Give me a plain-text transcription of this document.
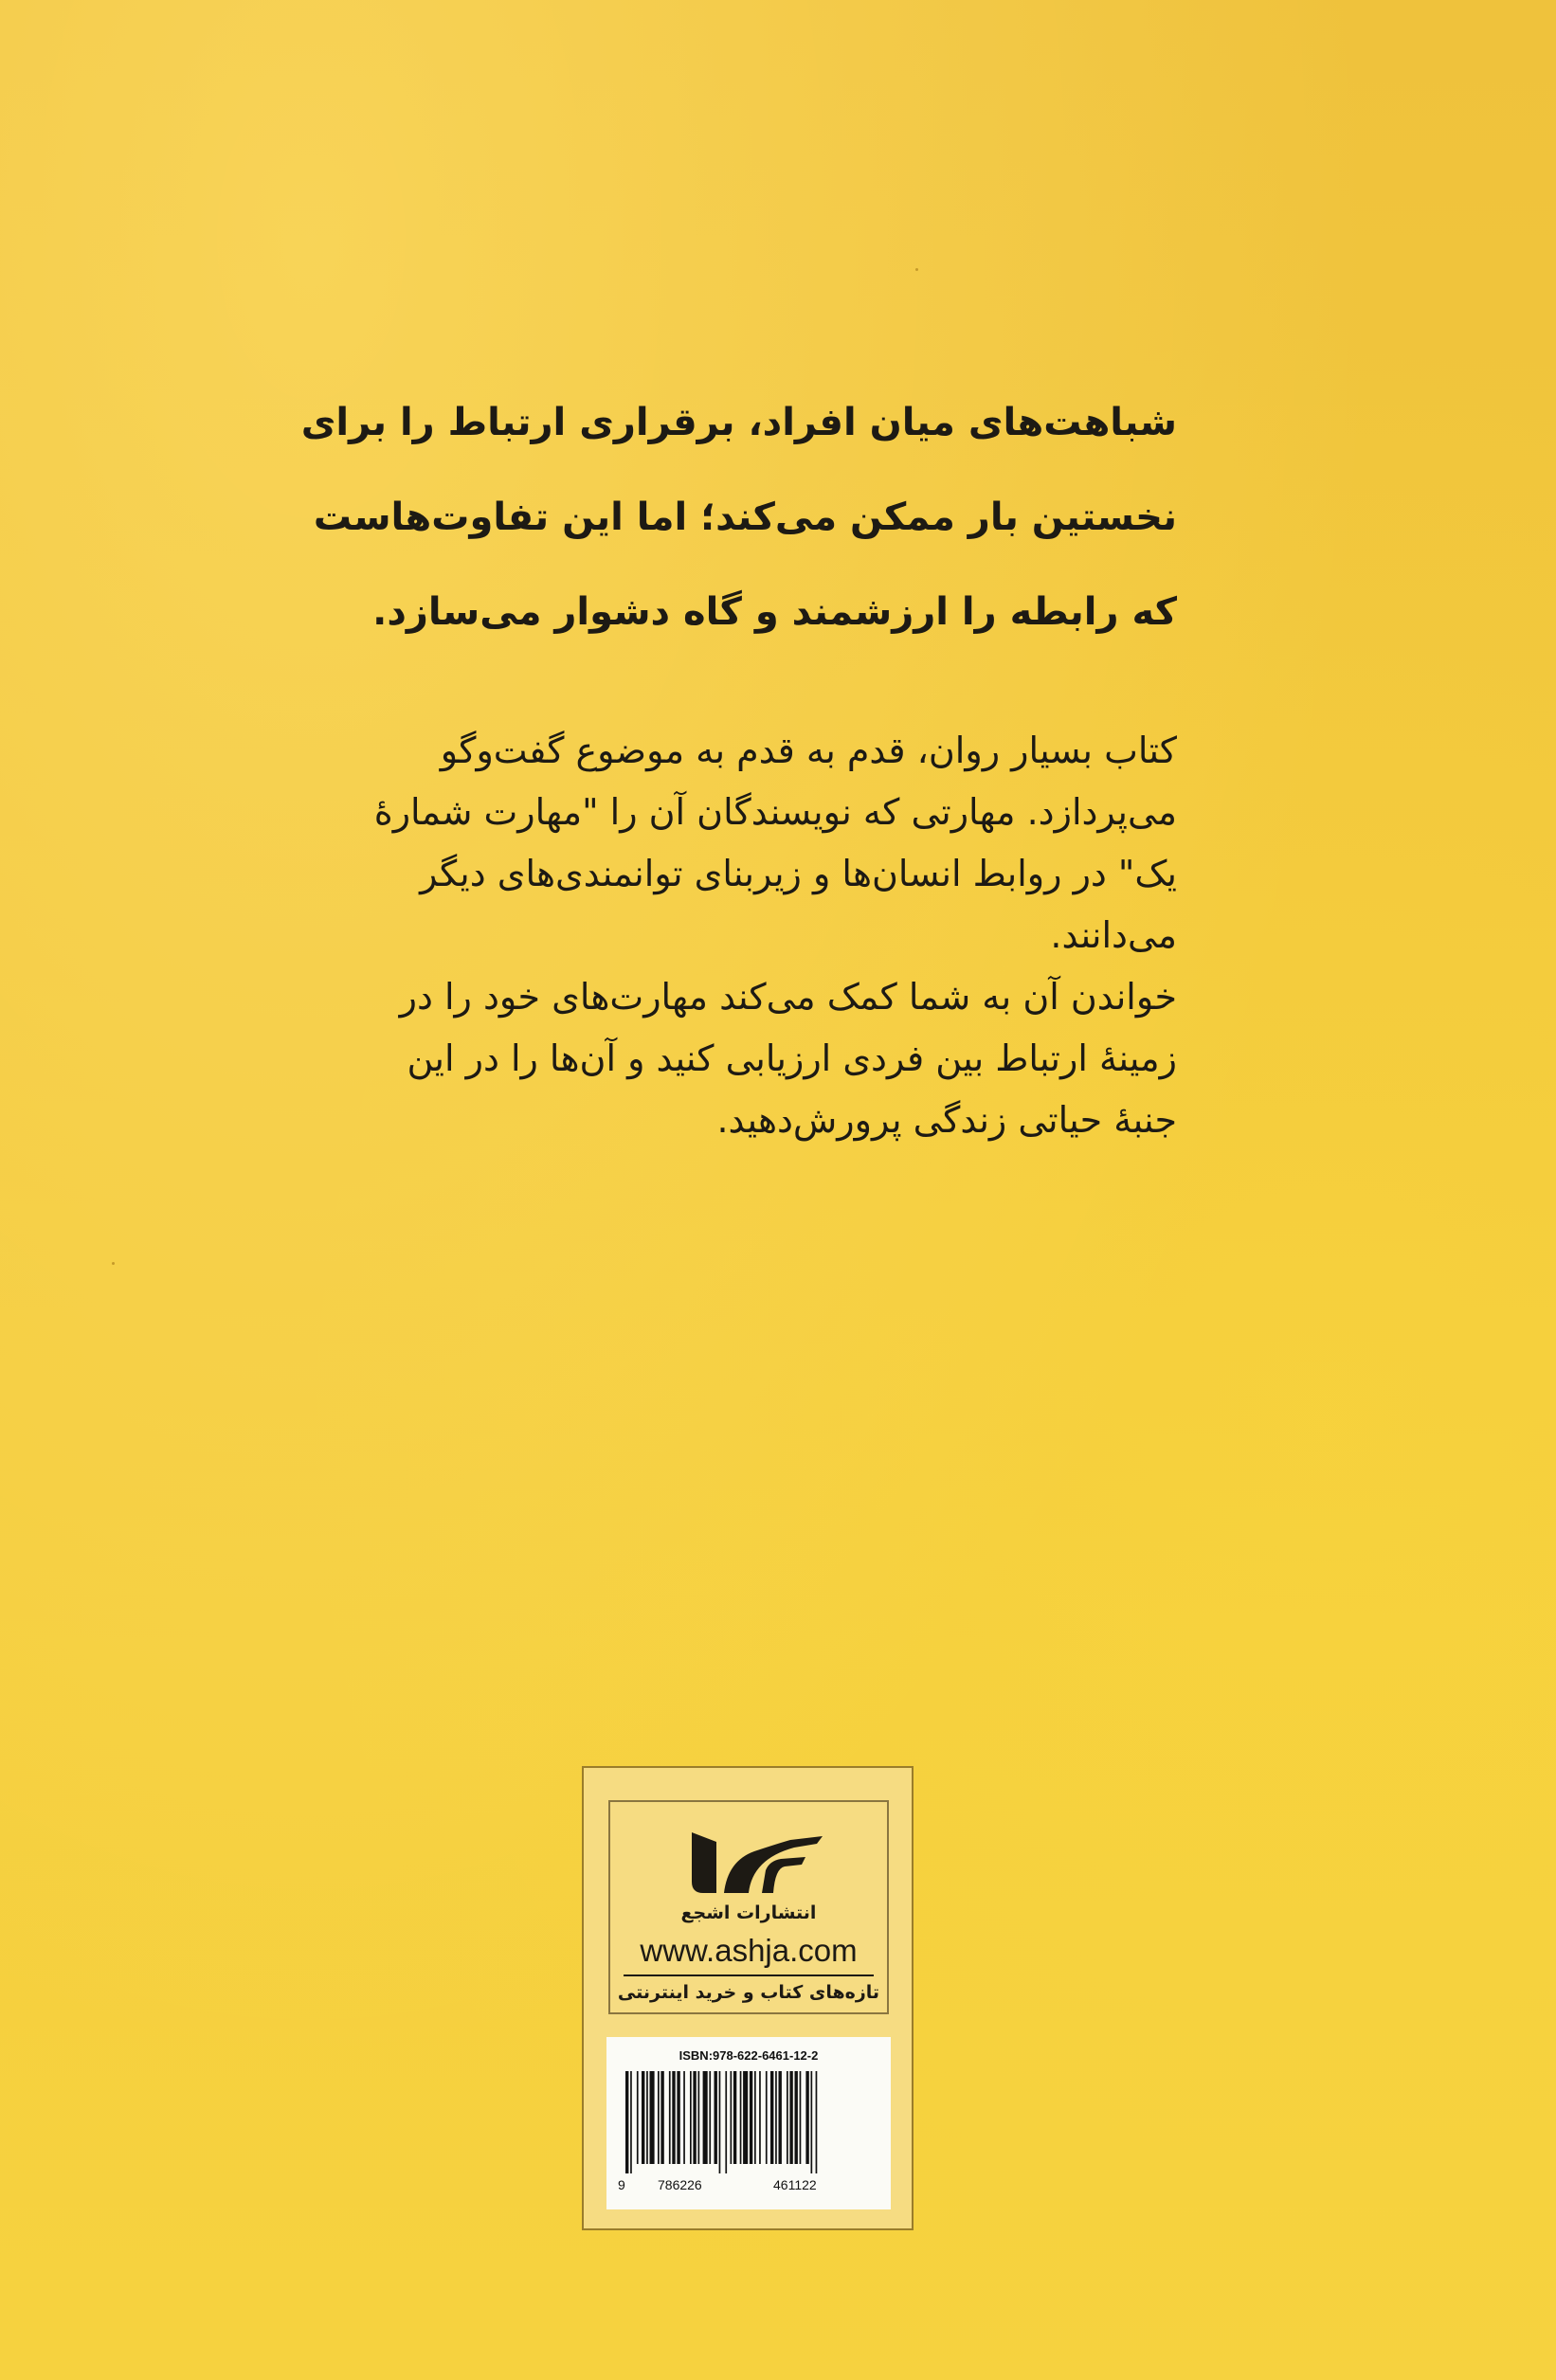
شباهت‌های میان افراد، برقراری ارتباط را برای
نخستین بار ممکن می‌کند؛ اما این تفاوت‌هاست
که رابطه را ارزشمند و گاه دشوار می‌سازد.
کتاب بسیار روان، قدم به قدم به موضوع گفت‌وگو
می‌پردازد. مهارتی که نویسندگان آن را "مهارت شمارهٔ
یک" در روابط انسان‌ها و زیربنای توانمندی‌های دیگر
می‌دانند.
خواندن آن به شما کمک می‌کند مهارت‌های خود را در
زمینهٔ ارتباط بین فردی ارزیابی کنید و آن‌ها را در این
جنبهٔ حیاتی زندگی پرورش‌دهید.
انتشارات اشجع
www.ashja.com
تازه‌های کتاب و خرید اینترنتی
ISBN:978-622-6461-12-2
9 786226	461122
